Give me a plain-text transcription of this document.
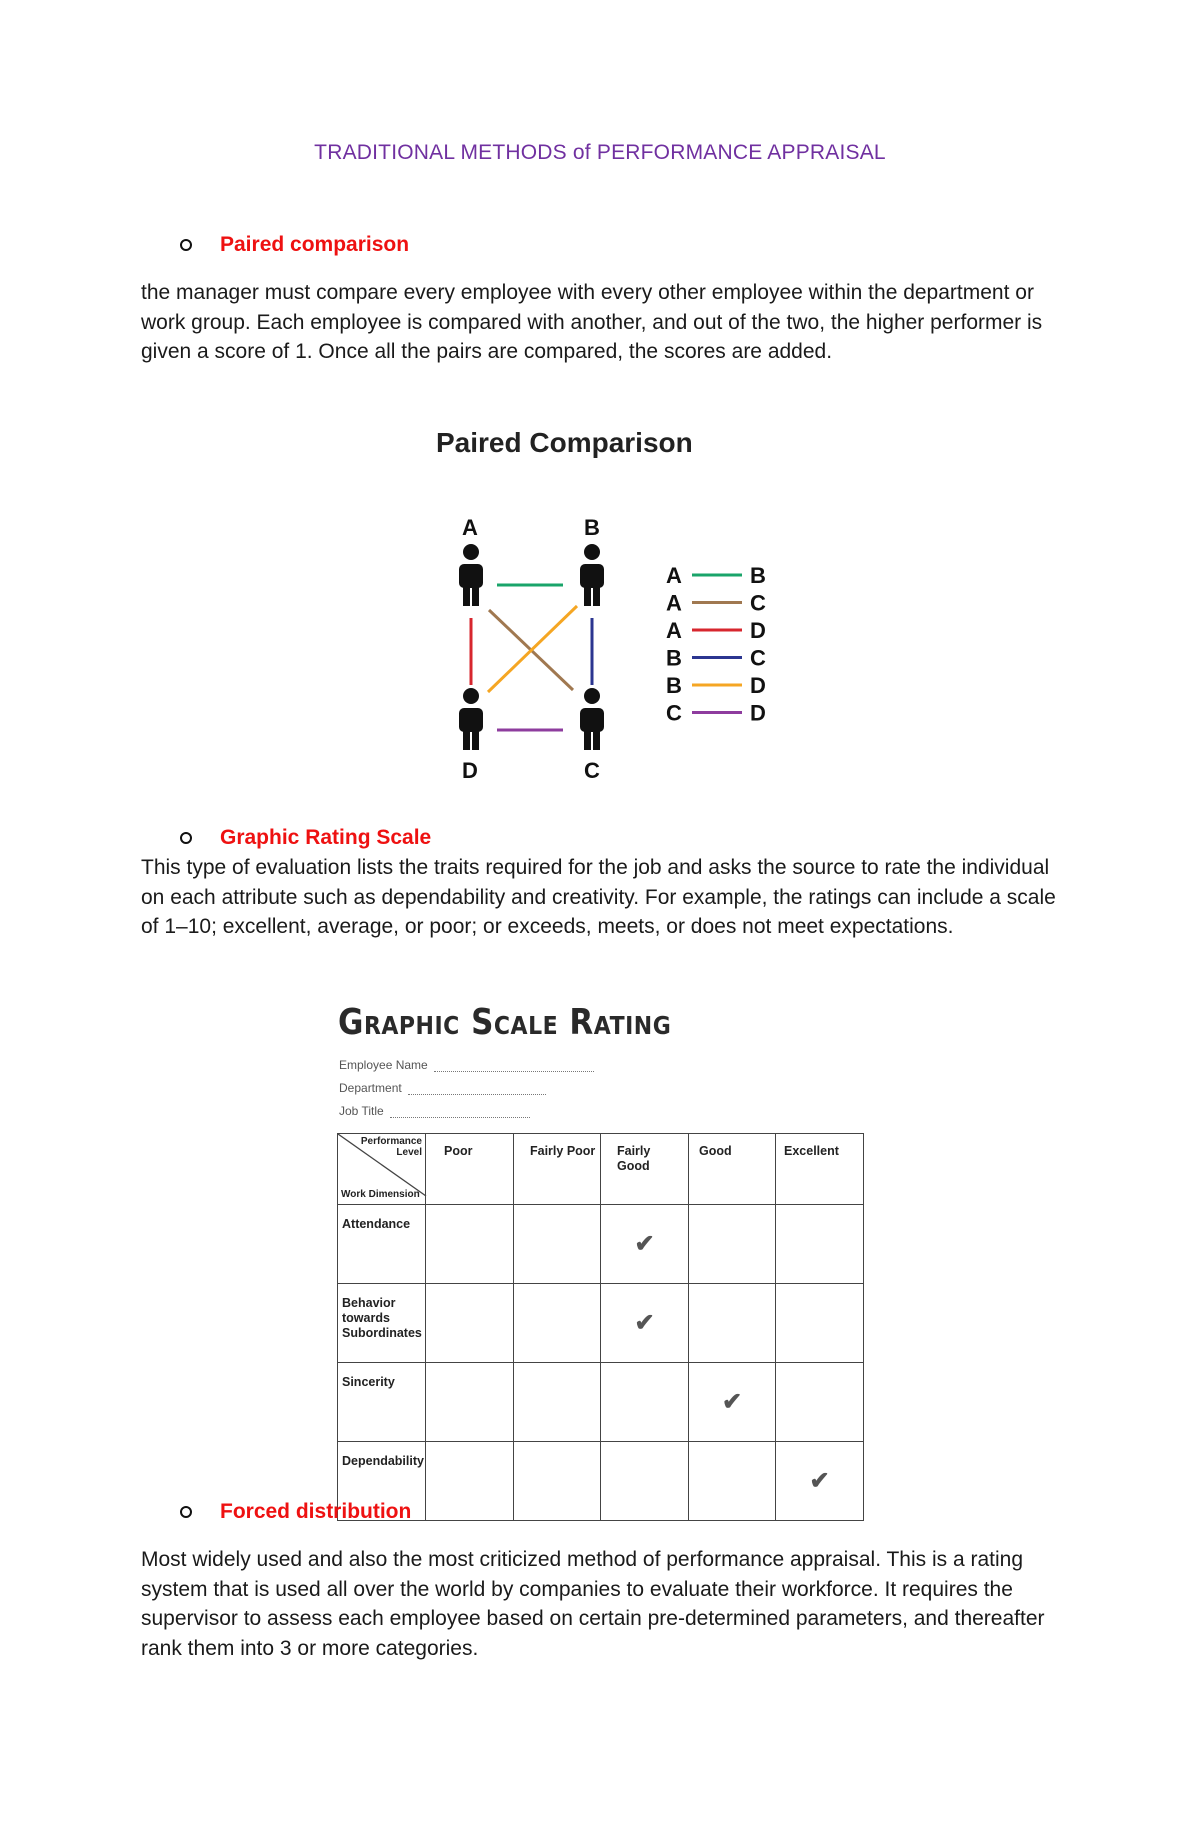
TRADITIONAL METHODS of PERFORMANCE APPRAISAL
Paired comparison
the manager must compare every employee with every other employee within the department or work group. Each employee is compared with another, and out of the two, the higher performer is given a score of 1. Once all the pairs are compared, the scores are added.
Paired Comparison
A	B
D	C
A	B
A	C
A	D
B	C
B	D
C	D
Graphic Rating Scale
This type of evaluation lists the traits required for the job and asks the source to rate the individual on each attribute such as dependability and creativity. For example, the ratings can include a scale of 1–10; excellent, average, or poor; or exceeds, meets, or does not meet expectations.
Graphic Scale Rating
Employee Name
Department
Job Title
Performance Level
Work Dimension	Poor	Fairly Poor	Fairly Good	Good	Excellent
Attendance			✔		

Behavior towards Subordinates			✔		

Sincerity				✔	

Dependability					✔
Forced distribution
Most widely used and also the most criticized method of performance appraisal. This is a rating system that is used all over the world by companies to evaluate their workforce. It requires the supervisor to assess each employee based on certain pre-determined parameters, and thereafter rank them into 3 or more categories.
